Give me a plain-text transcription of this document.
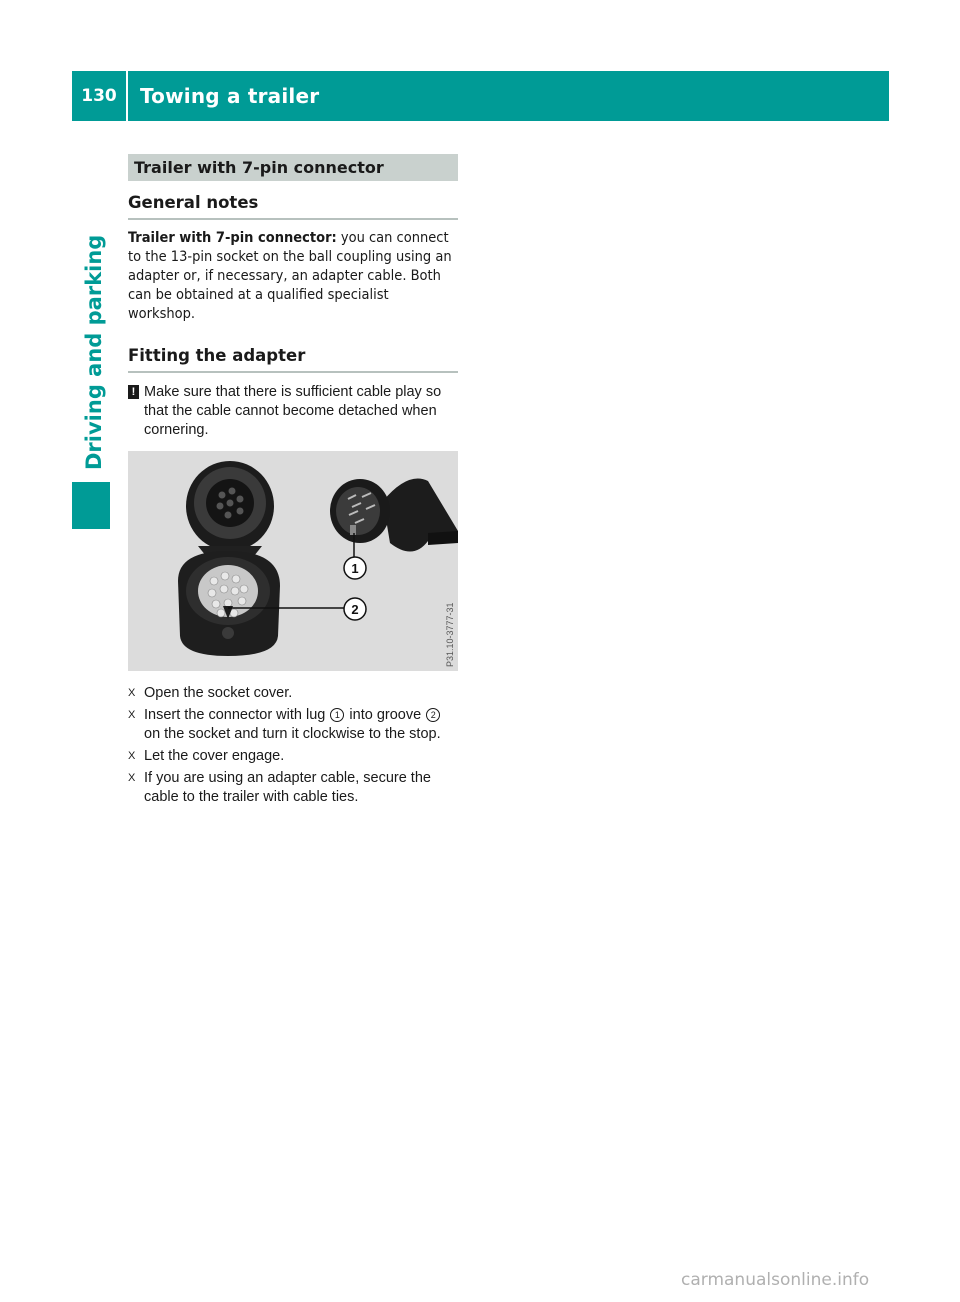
130	Towing a trailer
Driving and parking
Trailer with 7-pin connector
General notes
Trailer with 7-pin connector: you can connect to the 13-pin socket on the ball coupling using an adapter or, if necessary, an adapter cable. Both can be obtained at a qualified specialist workshop.
Fitting the adapter
! Make sure that there is sufficient cable play so that the cable cannot become detached when cornering.
1
2	P31.10-3777-31
X Open the socket cover.
X Insert the connector with lug 1 into groove 2 on the socket and turn it clockwise to the stop.
X Let the cover engage.
X If you are using an adapter cable, secure the cable to the trailer with cable ties.
carmanualsonline.info
